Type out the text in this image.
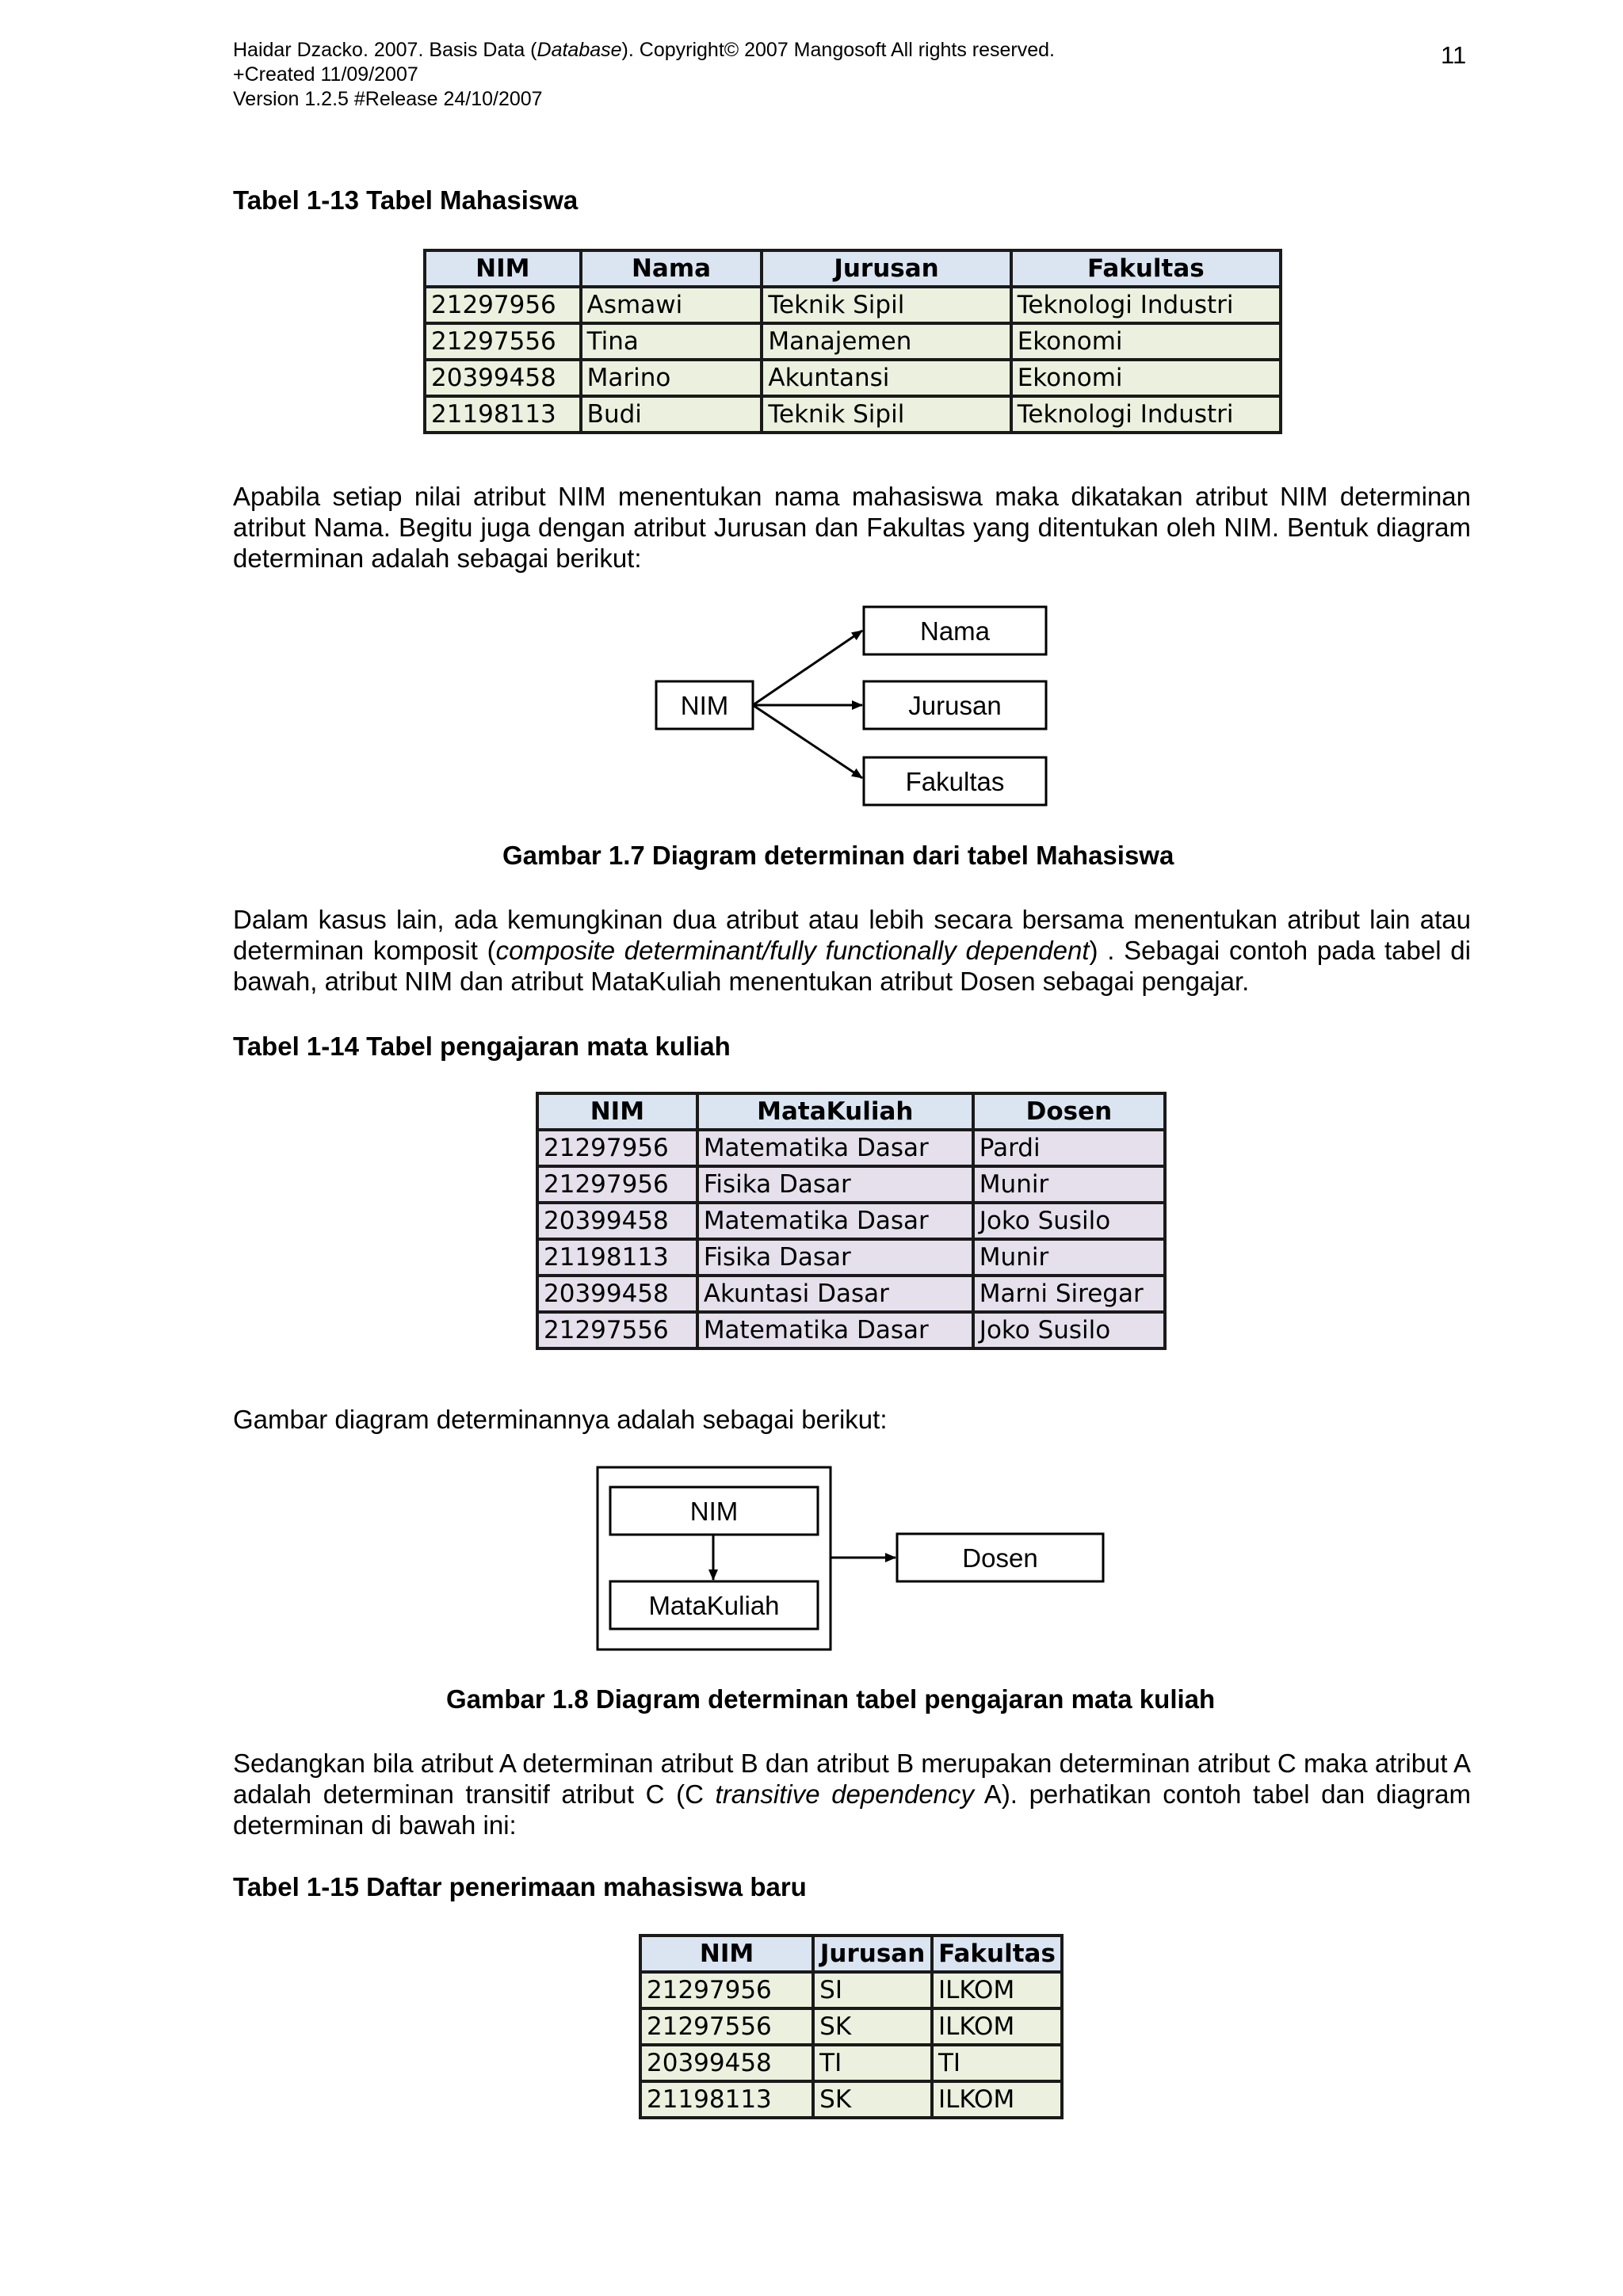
Haidar Dzacko. 2007. Basis Data (Database). Copyright© 2007 Mangosoft All rights reserved.
+Created 11/09/2007
Version 1.2.5 #Release 24/10/2007
11
Tabel 1-13 Tabel Mahasiswa
NIM	Nama	Jurusan	Fakultas
21297956	Asmawi	Teknik Sipil	Teknologi Industri
21297556	Tina	Manajemen	Ekonomi
20399458	Marino	Akuntansi	Ekonomi
21198113	Budi	Teknik Sipil	Teknologi Industri
Apabila setiap nilai atribut NIM menentukan nama mahasiswa maka dikatakan atribut NIM determinan atribut Nama. Begitu juga dengan atribut Jurusan dan Fakultas yang ditentukan oleh NIM. Bentuk diagram determinan adalah sebagai berikut:
NIM
Nama
Jurusan
Fakultas
Gambar 1.7 Diagram determinan dari tabel Mahasiswa
Dalam kasus lain, ada kemungkinan dua atribut atau lebih secara bersama menentukan atribut lain atau determinan komposit (composite determinant/fully functionally dependent) . Sebagai contoh pada tabel di bawah, atribut NIM dan atribut MataKuliah menentukan atribut Dosen sebagai pengajar.
Tabel 1-14 Tabel pengajaran mata kuliah
NIM	MataKuliah	Dosen
21297956	Matematika Dasar	Pardi
21297956	Fisika Dasar	Munir
20399458	Matematika Dasar	Joko Susilo
21198113	Fisika Dasar	Munir
20399458	Akuntasi Dasar	Marni Siregar
21297556	Matematika Dasar	Joko Susilo
Gambar diagram determinannya adalah sebagai berikut:
NIM
MataKuliah
Dosen
Gambar 1.8 Diagram determinan tabel pengajaran mata kuliah
Sedangkan bila atribut A determinan atribut B dan atribut B merupakan determinan atribut C maka atribut A adalah determinan transitif atribut C (C transitive dependency A). perhatikan contoh tabel dan diagram determinan di bawah ini:
Tabel 1-15 Daftar penerimaan mahasiswa baru
NIM	Jurusan	Fakultas
21297956	SI	ILKOM
21297556	SK	ILKOM
20399458	TI	TI
21198113	SK	ILKOM
